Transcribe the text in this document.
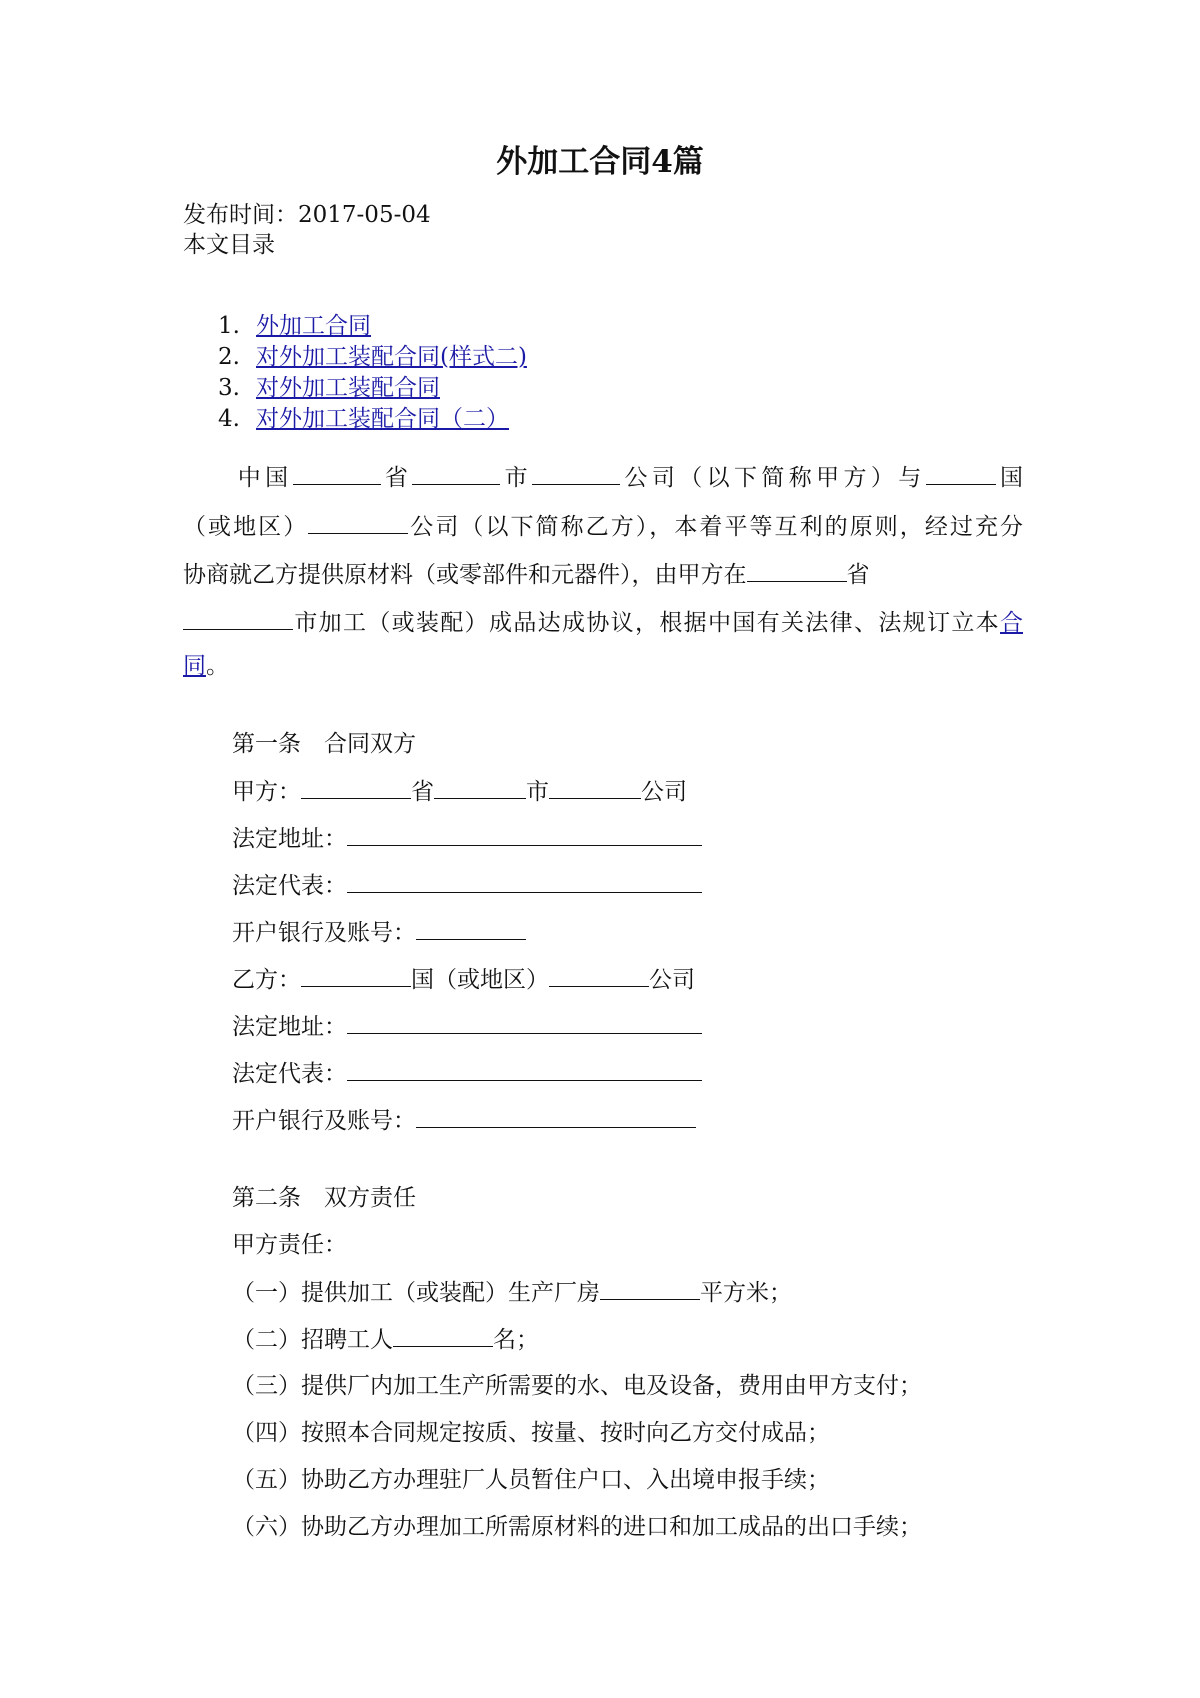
外加工合同4篇
发布时间：2017-05-04
本文目录
1. 外加工合同
2. 对外加工装配合同(样式二)
3. 对外加工装配合同
4. 对外加工装配合同（二）
　　中国	省	市	公司（以下简称甲方）与	国
（或地区）	公司（以下简称乙方），本着平等互利的原则，经过充分
协商就乙方提供原材料（或零部件和元器件），由甲方在	省
市加工（或装配）成品达成协议，根据中国有关法律、法规订立本合
同。
第一条　合同双方
甲方：	省	市	公司
法定地址：
法定代表：
开户银行及账号：
乙方：	国（或地区）	公司
法定地址：
法定代表：
开户银行及账号：
第二条　双方责任
甲方责任：
（一）提供加工（或装配）生产厂房	平方米；
（二）招聘工人	名；
（三）提供厂内加工生产所需要的水、电及设备，费用由甲方支付；
（四）按照本合同规定按质、按量、按时向乙方交付成品；
（五）协助乙方办理驻厂人员暂住户口、入出境申报手续；
（六）协助乙方办理加工所需原材料的进口和加工成品的出口手续；
